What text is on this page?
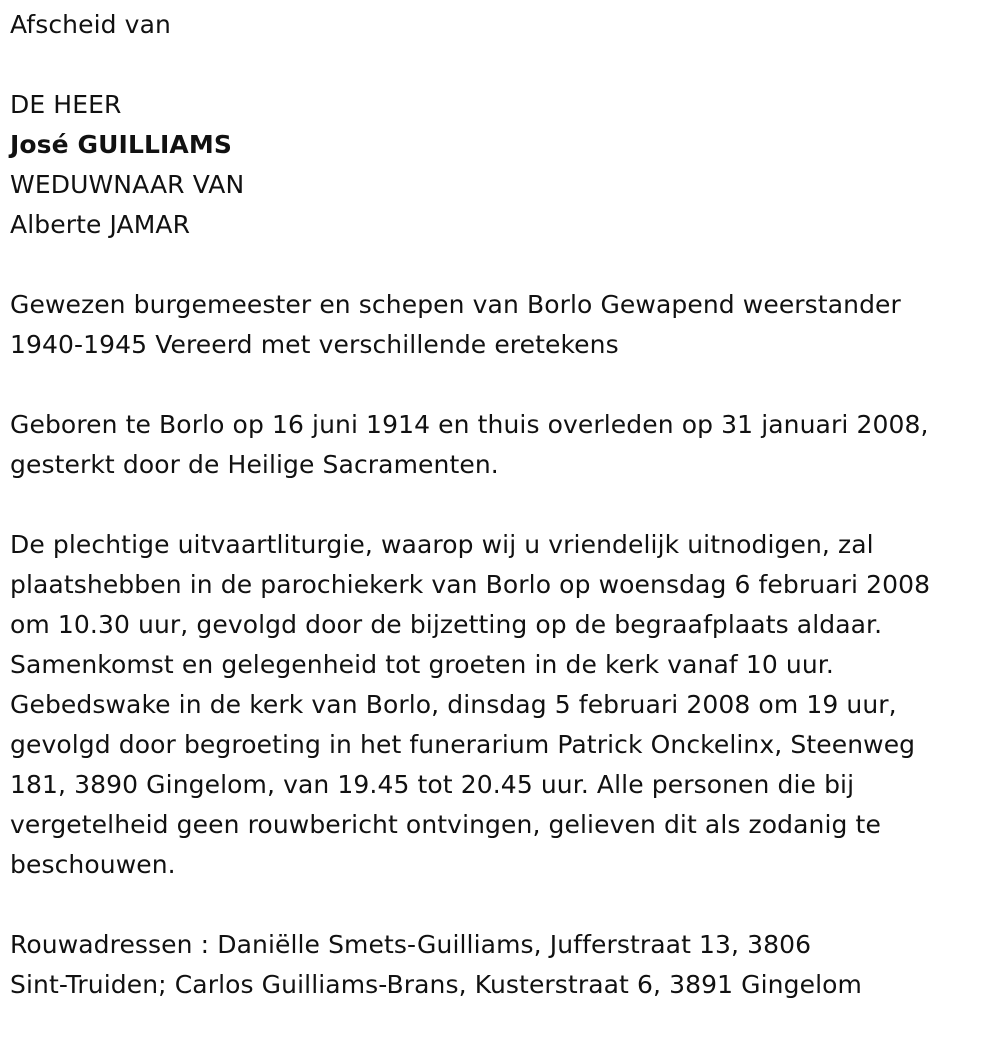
Afscheid van
DE HEER
José GUILLIAMS
WEDUWNAAR VAN
Alberte JAMAR
Gewezen burgemeester en schepen van Borlo Gewapend weerstander
1940-1945 Vereerd met verschillende eretekens
Geboren te Borlo op 16 juni 1914 en thuis overleden op 31 januari 2008,
gesterkt door de Heilige Sacramenten.
De plechtige uitvaartliturgie, waarop wij u vriendelijk uitnodigen, zal
plaatshebben in de parochiekerk van Borlo op woensdag 6 februari 2008
om 10.30 uur, gevolgd door de bijzetting op de begraafplaats aldaar.
Samenkomst en gelegenheid tot groeten in de kerk vanaf 10 uur.
Gebedswake in de kerk van Borlo, dinsdag 5 februari 2008 om 19 uur,
gevolgd door begroeting in het funerarium Patrick Onckelinx, Steenweg
181, 3890 Gingelom, van 19.45 tot 20.45 uur. Alle personen die bij
vergetelheid geen rouwbericht ontvingen, gelieven dit als zodanig te
beschouwen.
Rouwadressen : Daniëlle Smets-Guilliams, Jufferstraat 13, 3806
Sint-Truiden; Carlos Guilliams-Brans, Kusterstraat 6, 3891 Gingelom
